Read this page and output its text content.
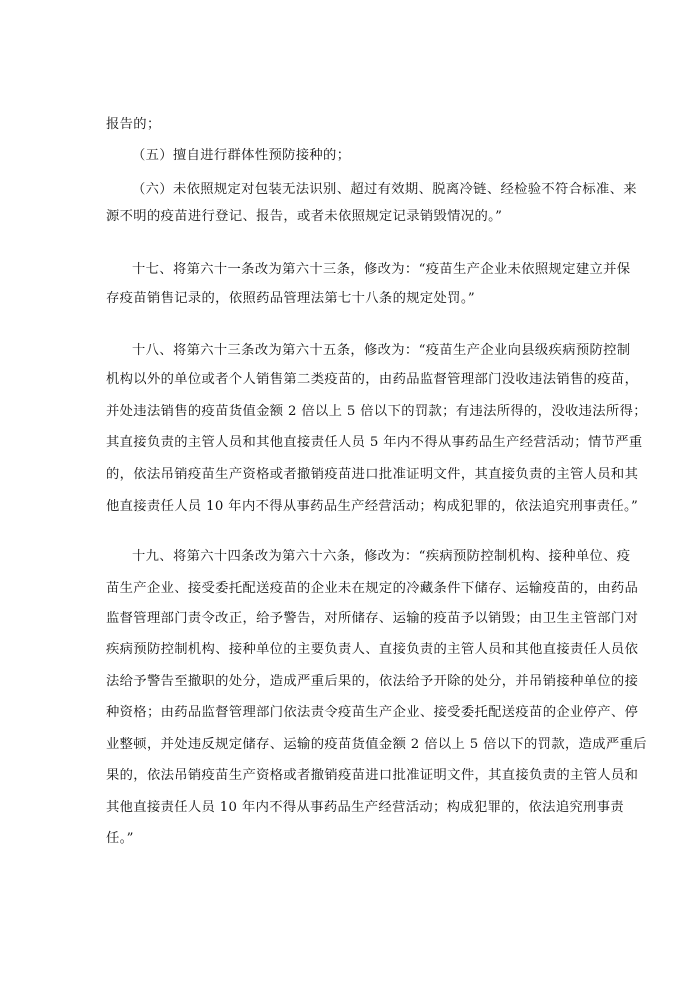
报告的；
（五）擅自进行群体性预防接种的；
（六）未依照规定对包装无法识别、超过有效期、脱离冷链、经检验不符合标准、来
源不明的疫苗进行登记、报告，或者未依照规定记录销毁情况的。”
十七、将第六十一条改为第六十三条，修改为：“疫苗生产企业未依照规定建立并保
存疫苗销售记录的，依照药品管理法第七十八条的规定处罚。”
十八、将第六十三条改为第六十五条，修改为：“疫苗生产企业向县级疾病预防控制
机构以外的单位或者个人销售第二类疫苗的，由药品监督管理部门没收违法销售的疫苗，
并处违法销售的疫苗货值金额 2 倍以上 5 倍以下的罚款；有违法所得的，没收违法所得；
其直接负责的主管人员和其他直接责任人员 5 年内不得从事药品生产经营活动；情节严重
的，依法吊销疫苗生产资格或者撤销疫苗进口批准证明文件，其直接负责的主管人员和其
他直接责任人员 10 年内不得从事药品生产经营活动；构成犯罪的，依法追究刑事责任。”
十九、将第六十四条改为第六十六条，修改为：“疾病预防控制机构、接种单位、疫
苗生产企业、接受委托配送疫苗的企业未在规定的冷藏条件下储存、运输疫苗的，由药品
监督管理部门责令改正，给予警告，对所储存、运输的疫苗予以销毁；由卫生主管部门对
疾病预防控制机构、接种单位的主要负责人、直接负责的主管人员和其他直接责任人员依
法给予警告至撤职的处分，造成严重后果的，依法给予开除的处分，并吊销接种单位的接
种资格；由药品监督管理部门依法责令疫苗生产企业、接受委托配送疫苗的企业停产、停
业整顿，并处违反规定储存、运输的疫苗货值金额 2 倍以上 5 倍以下的罚款，造成严重后
果的，依法吊销疫苗生产资格或者撤销疫苗进口批准证明文件，其直接负责的主管人员和
其他直接责任人员 10 年内不得从事药品生产经营活动；构成犯罪的，依法追究刑事责
任。”
